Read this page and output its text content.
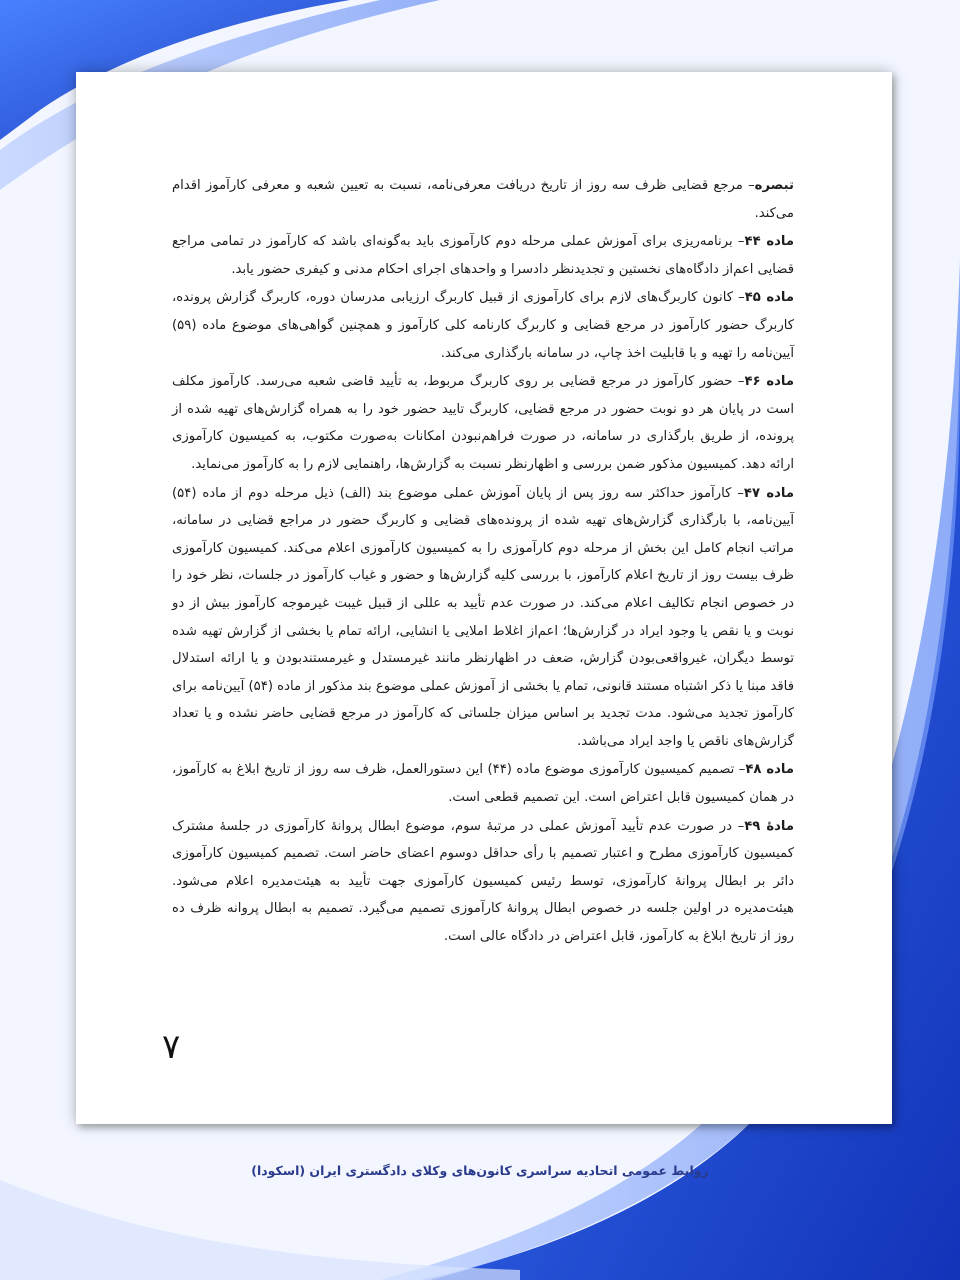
تبصره– مرجع قضایی ظرف سه روز از تاریخ دریافت معرفی‌نامه، نسبت به تعیین شعبه و معرفی کارآموز اقدام می‌کند.

ماده ۴۴– برنامه‌ریزی برای آموزش عملی مرحله دوم کارآموزی باید به‌گونه‌ای باشد که کارآموز در تمامی مراجع قضایی اعم‌از دادگاه‌های نخستین و تجدیدنظر دادسرا و واحدهای اجرای احکام مدنی و کیفری حضور یابد.

ماده ۴۵– کانون کاربرگ‌های لازم برای کارآموزی از قبیل کاربرگ ارزیابی مدرسان دوره، کاربرگ گزارش پرونده، کاربرگ حضور کارآموز در مرجع قضایی و کاربرگ کارنامه کلی کارآموز و همچنین گواهی‌های موضوع ماده (۵۹) آیین‌نامه را تهیه و با قابلیت اخذ چاپ، در سامانه بارگذاری می‌کند.

ماده ۴۶– حضور کارآموز در مرجع قضایی بر روی کاربرگ مربوط، به تأیید قاضی شعبه می‌رسد. کارآموز مکلف است در پایان هر دو نوبت حضور در مرجع قضایی، کاربرگ تایید حضور خود را به همراه گزارش‌های تهیه شده از پرونده، از طریق بارگذاری در سامانه، در صورت فراهم‌نبودن امکانات به‌صورت مکتوب، به کمیسیون کارآموزی ارائه دهد. کمیسیون مذکور ضمن بررسی و اظهارنظر نسبت به گزارش‌ها، راهنمایی لازم را به کارآموز می‌نماید.

ماده ۴۷– کارآموز حداکثر سه روز پس از پایان آموزش عملی موضوع بند (الف) ذیل مرحله دوم از ماده (۵۴) آیین‌نامه، با بارگذاری گزارش‌های تهیه شده از پرونده‌های قضایی و کاربرگ حضور در مراجع قضایی در سامانه، مراتب انجام کامل این بخش از مرحله دوم کارآموزی را به کمیسیون کارآموزی اعلام می‌کند. کمیسیون کارآموزی ظرف بیست روز از تاریخ اعلام کارآموز، با بررسی کلیه گزارش‌ها و حضور و غیاب کارآموز در جلسات، نظر خود را در خصوص انجام تکالیف اعلام می‌کند. در صورت عدم تأیید به عللی از قبیل غیبت غیرموجه کارآموز بیش از دو نوبت و یا نقص یا وجود ایراد در گزارش‌ها؛ اعم‌از اغلاط املایی یا انشایی، ارائه تمام یا بخشی از گزارش تهیه شده توسط دیگران، غیرواقعی‌بودن گزارش، ضعف در اظهارنظر مانند غیرمستدل و غیرمستندبودن و یا ارائه استدلال فاقد مبنا یا ذکر اشتباه مستند قانونی، تمام یا بخشی از آموزش عملی موضوع بند مذکور از ماده (۵۴) آیین‌نامه برای کارآموز تجدید می‌شود. مدت تجدید بر اساس میزان جلساتی که کارآموز در مرجع قضایی حاضر نشده و یا تعداد گزارش‌های ناقص یا واجد ایراد می‌باشد.

ماده ۴۸– تصمیم کمیسیون کارآموزی موضوع ماده (۴۴) این دستورالعمل، ظرف سه روز از تاریخ ابلاغ به کارآموز، در همان کمیسیون قابل اعتراض است. این تصمیم قطعی است.

مادهٔ ۴۹– در صورت عدم تأیید آموزش عملی در مرتبهٔ سوم، موضوع ابطال پروانهٔ کارآموزی در جلسهٔ مشترک کمیسیون کارآموزی مطرح و اعتبار تصمیم با رأی حداقل دوسوم اعضای حاضر است. تصمیم کمیسیون کارآموزی دائر بر ابطال پروانهٔ کارآموزی، توسط رئیس کمیسیون کارآموزی جهت تأیید به هیئت‌مدیره اعلام می‌شود. هیئت‌مدیره در اولین جلسه در خصوص ابطال پروانهٔ کارآموزی تصمیم می‌گیرد. تصمیم به ابطال پروانه ظرف ده روز از تاریخ ابلاغ به کارآموز، قابل اعتراض در دادگاه عالی است.

۷
روابط عمومی اتحادیه سراسری کانون‌های وکلای دادگستری ایران (اسکودا)
